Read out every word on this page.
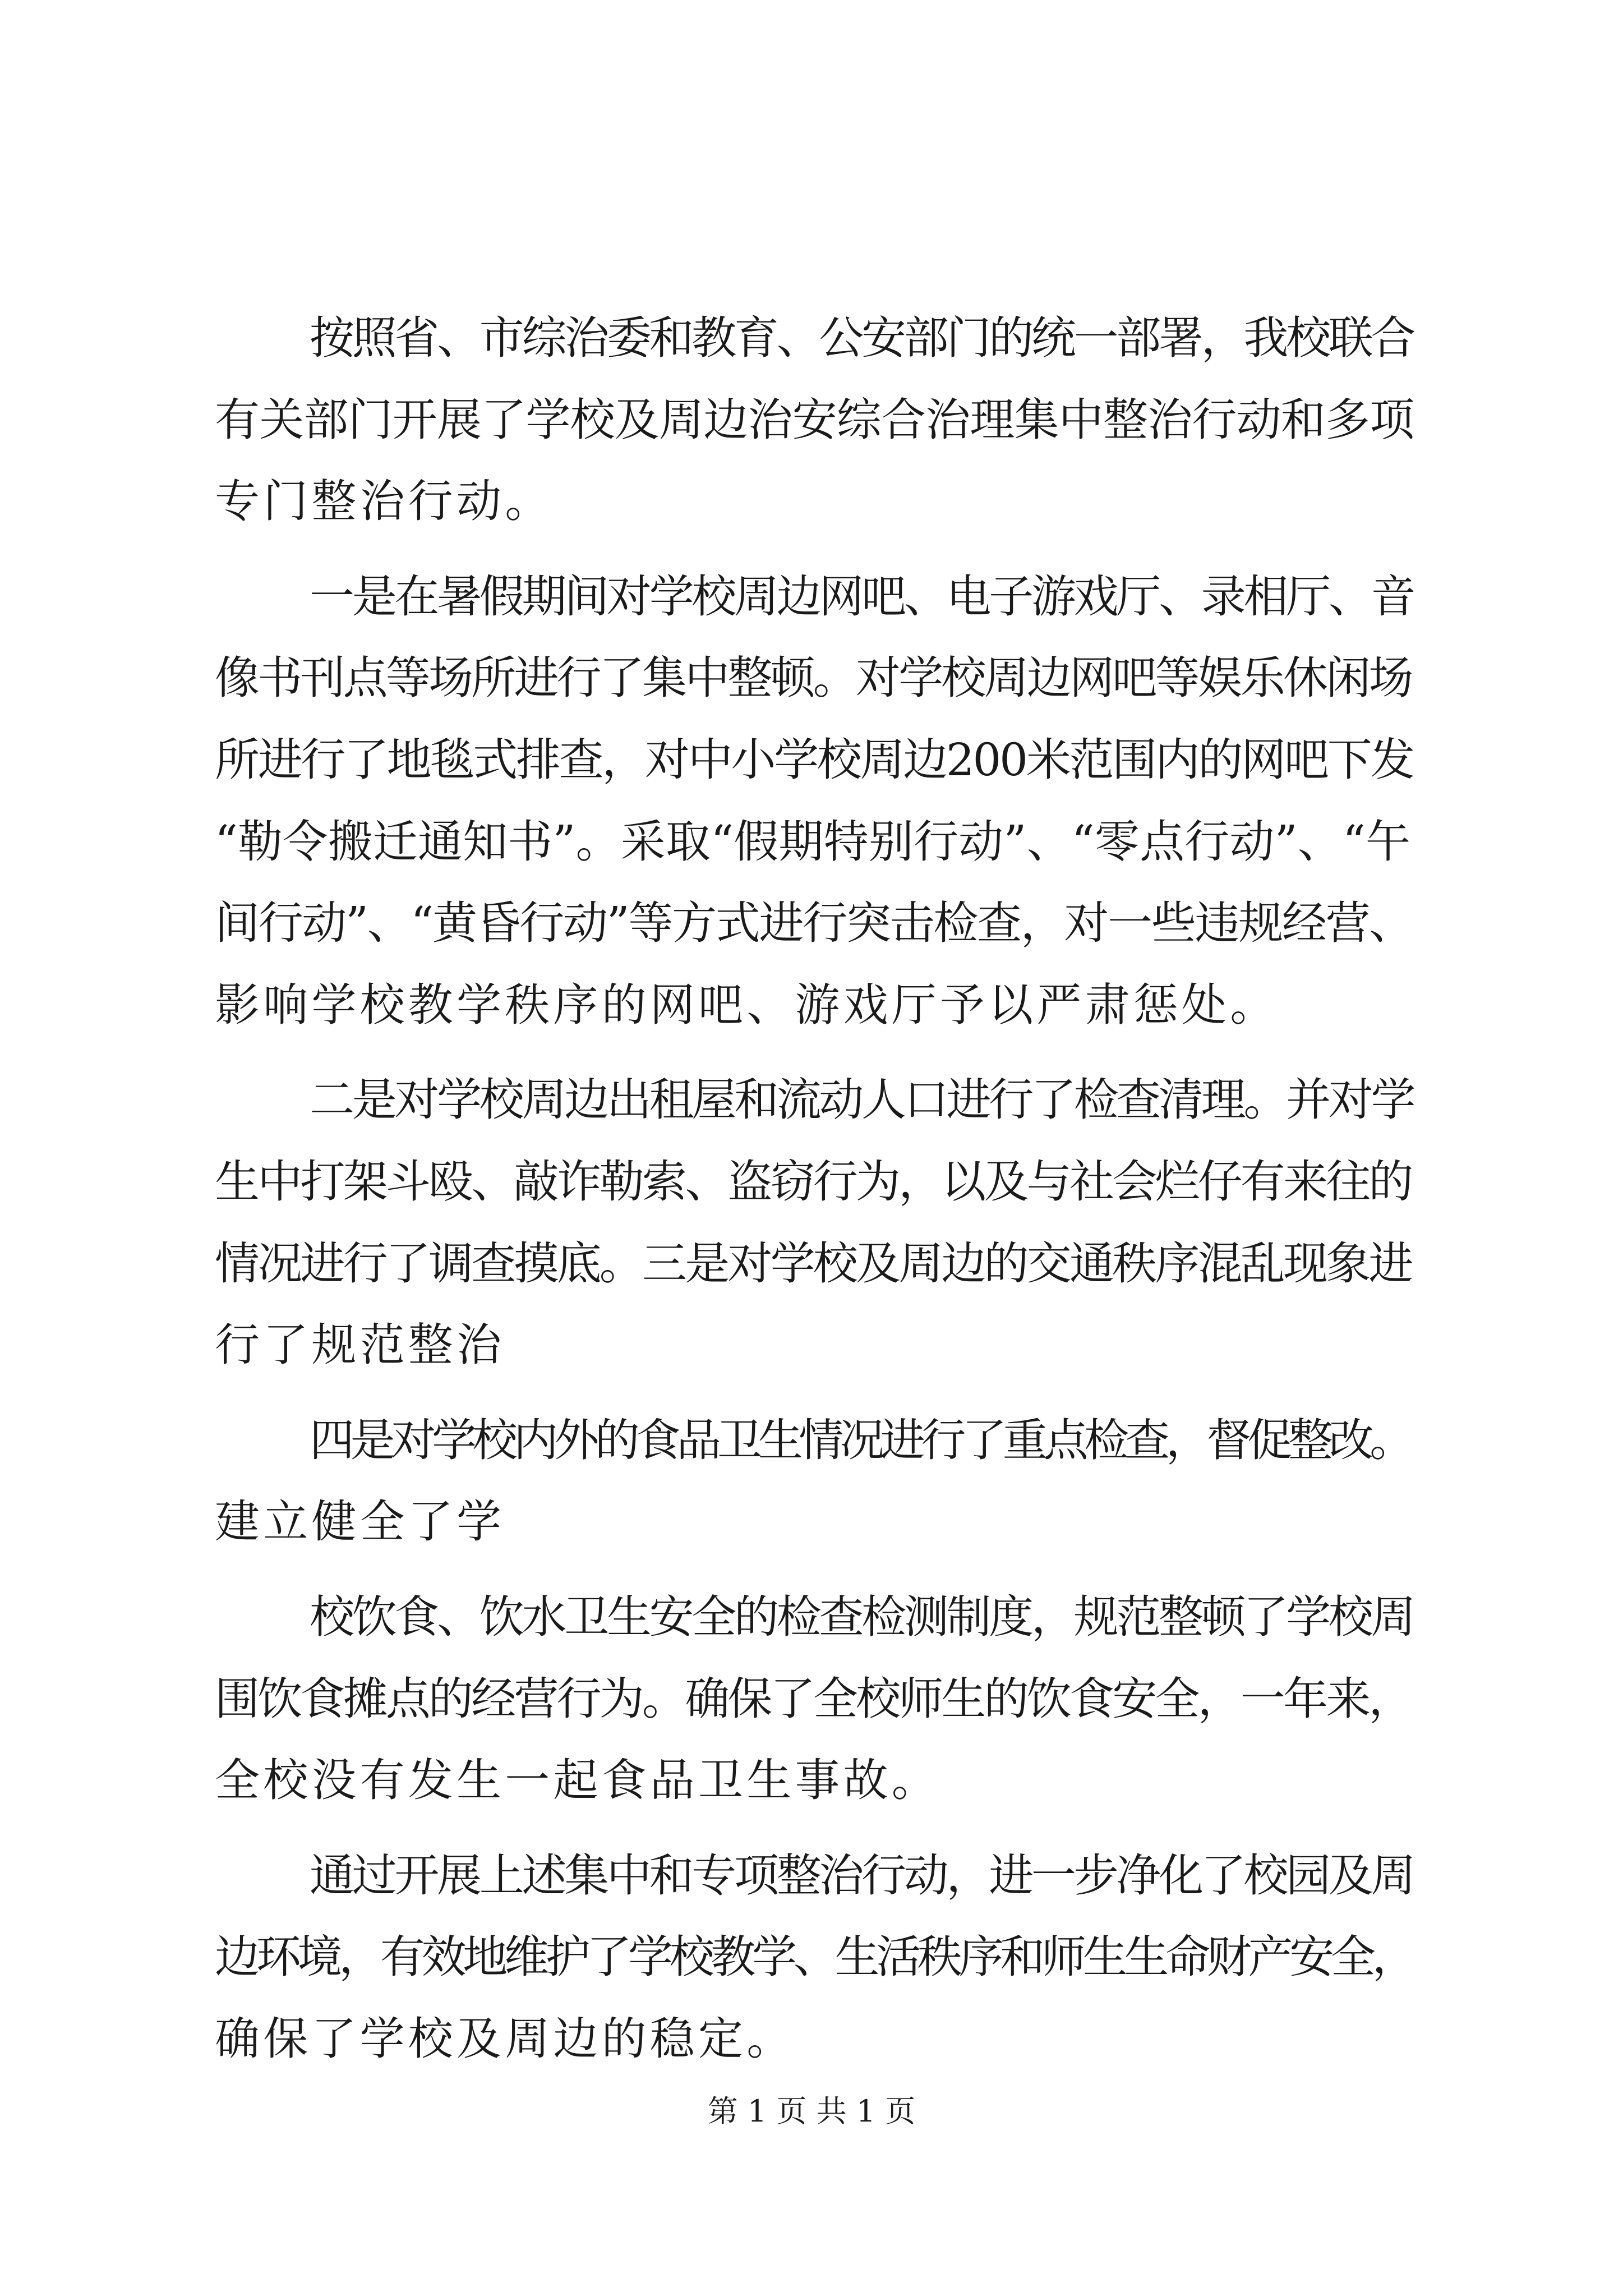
按照省、市综治委和教育、公安部门的统一部署，我校联合
有关部门开展了学校及周边治安综合治理集中整治行动和多项
专门整治行动。
一是在暑假期间对学校周边网吧、电子游戏厅、录相厅、音
像书刊点等场所进行了集中整顿。对学校周边网吧等娱乐休闲场
所进行了地毯式排查，对中小学校周边200米范围内的网吧下发
“勒令搬迁通知书”。采取“假期特别行动”、“零点行动”、“午
间行动”、“黄昏行动”等方式进行突击检查，对一些违规经营、
影响学校教学秩序的网吧、游戏厅予以严肃惩处。
二是对学校周边出租屋和流动人口进行了检查清理。并对学
生中打架斗殴、敲诈勒索、盗窃行为，以及与社会烂仔有来往的
情况进行了调查摸底。三是对学校及周边的交通秩序混乱现象进
行了规范整治
四是对学校内外的食品卫生情况进行了重点检查，督促整改。
建立健全了学
校饮食、饮水卫生安全的检查检测制度，规范整顿了学校周
围饮食摊点的经营行为。确保了全校师生的饮食安全，一年来，
全校没有发生一起食品卫生事故。
通过开展上述集中和专项整治行动，进一步净化了校园及周
边环境，有效地维护了学校教学、生活秩序和师生生命财产安全，
确保了学校及周边的稳定。
第 1 页 共 1 页
